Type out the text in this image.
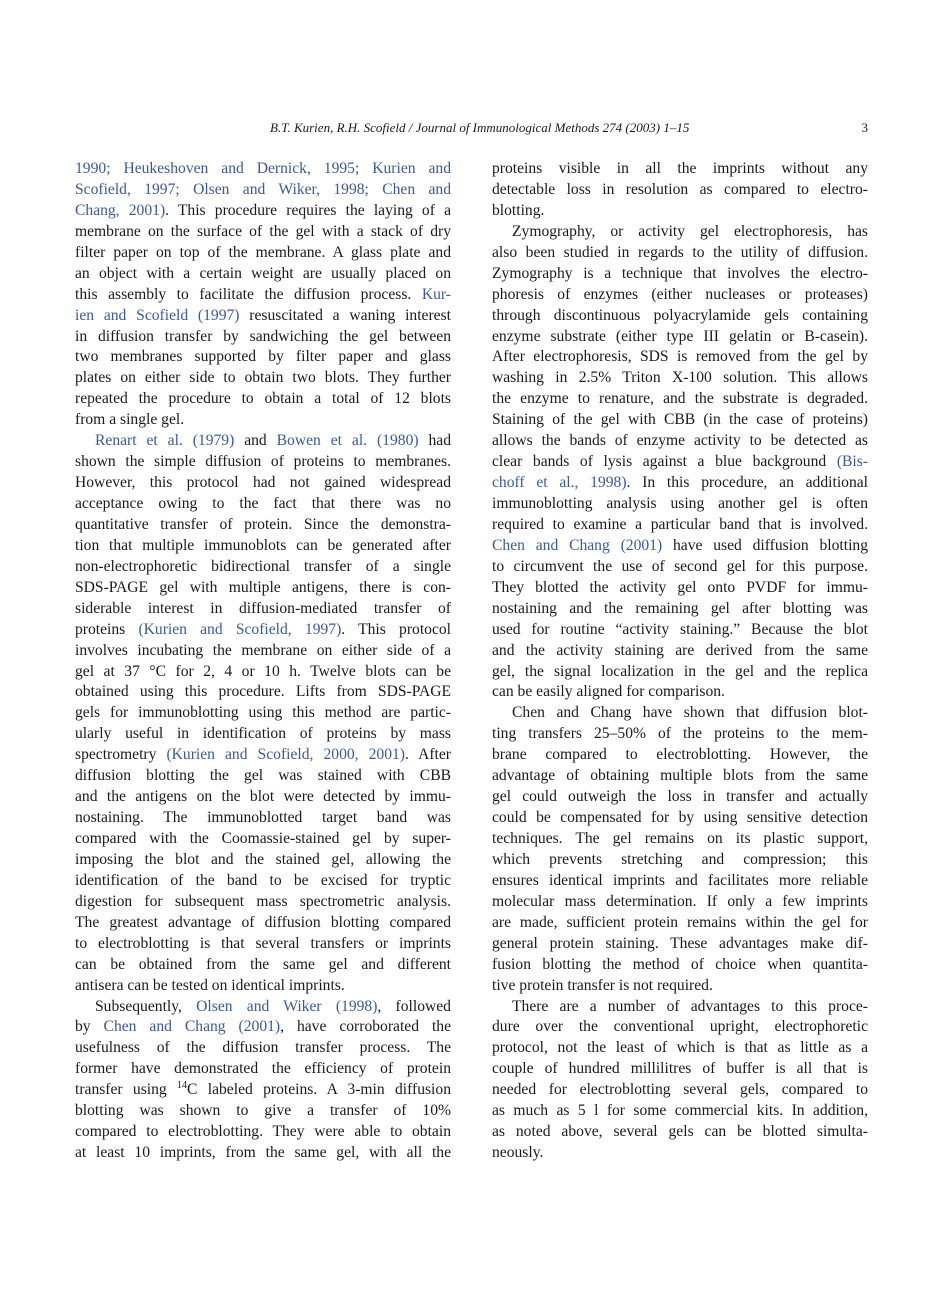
B.T. Kurien, R.H. Scofield / Journal of Immunological Methods 274 (2003) 1–15	3
1990; Heukeshoven and Dernick, 1995; Kurien and
Scofield, 1997; Olsen and Wiker, 1998; Chen and
Chang, 2001). This procedure requires the laying of a
membrane on the surface of the gel with a stack of dry
filter paper on top of the membrane. A glass plate and
an object with a certain weight are usually placed on
this assembly to facilitate the diffusion process. Kur-
ien and Scofield (1997) resuscitated a waning interest
in diffusion transfer by sandwiching the gel between
two membranes supported by filter paper and glass
plates on either side to obtain two blots. They further
repeated the procedure to obtain a total of 12 blots
from a single gel.
Renart et al. (1979) and Bowen et al. (1980) had
shown the simple diffusion of proteins to membranes.
However, this protocol had not gained widespread
acceptance owing to the fact that there was no
quantitative transfer of protein. Since the demonstra-
tion that multiple immunoblots can be generated after
non-electrophoretic bidirectional transfer of a single
SDS-PAGE gel with multiple antigens, there is con-
siderable interest in diffusion-mediated transfer of
proteins (Kurien and Scofield, 1997). This protocol
involves incubating the membrane on either side of a
gel at 37 °C for 2, 4 or 10 h. Twelve blots can be
obtained using this procedure. Lifts from SDS-PAGE
gels for immunoblotting using this method are partic-
ularly useful in identification of proteins by mass
spectrometry (Kurien and Scofield, 2000, 2001). After
diffusion blotting the gel was stained with CBB
and the antigens on the blot were detected by immu-
nostaining. The immunoblotted target band was
compared with the Coomassie-stained gel by super-
imposing the blot and the stained gel, allowing the
identification of the band to be excised for tryptic
digestion for subsequent mass spectrometric analysis.
The greatest advantage of diffusion blotting compared
to electroblotting is that several transfers or imprints
can be obtained from the same gel and different
antisera can be tested on identical imprints.
Subsequently, Olsen and Wiker (1998), followed
by Chen and Chang (2001), have corroborated the
usefulness of the diffusion transfer process. The
former have demonstrated the efficiency of protein
transfer using $^{14}$C labeled proteins. A 3-min diffusion
blotting was shown to give a transfer of 10%
compared to electroblotting. They were able to obtain
at least 10 imprints, from the same gel, with all the
proteins visible in all the imprints without any
detectable loss in resolution as compared to electro-
blotting.
Zymography, or activity gel electrophoresis, has
also been studied in regards to the utility of diffusion.
Zymography is a technique that involves the electro-
phoresis of enzymes (either nucleases or proteases)
through discontinuous polyacrylamide gels containing
enzyme substrate (either type III gelatin or B-casein).
After electrophoresis, SDS is removed from the gel by
washing in 2.5% Triton X-100 solution. This allows
the enzyme to renature, and the substrate is degraded.
Staining of the gel with CBB (in the case of proteins)
allows the bands of enzyme activity to be detected as
clear bands of lysis against a blue background (Bis-
choff et al., 1998). In this procedure, an additional
immunoblotting analysis using another gel is often
required to examine a particular band that is involved.
Chen and Chang (2001) have used diffusion blotting
to circumvent the use of second gel for this purpose.
They blotted the activity gel onto PVDF for immu-
nostaining and the remaining gel after blotting was
used for routine “activity staining.” Because the blot
and the activity staining are derived from the same
gel, the signal localization in the gel and the replica
can be easily aligned for comparison.
Chen and Chang have shown that diffusion blot-
ting transfers 25–50% of the proteins to the mem-
brane compared to electroblotting. However, the
advantage of obtaining multiple blots from the same
gel could outweigh the loss in transfer and actually
could be compensated for by using sensitive detection
techniques. The gel remains on its plastic support,
which prevents stretching and compression; this
ensures identical imprints and facilitates more reliable
molecular mass determination. If only a few imprints
are made, sufficient protein remains within the gel for
general protein staining. These advantages make dif-
fusion blotting the method of choice when quantita-
tive protein transfer is not required.
There are a number of advantages to this proce-
dure over the conventional upright, electrophoretic
protocol, not the least of which is that as little as a
couple of hundred millilitres of buffer is all that is
needed for electroblotting several gels, compared to
as much as 5 l for some commercial kits. In addition,
as noted above, several gels can be blotted simulta-
neously.
